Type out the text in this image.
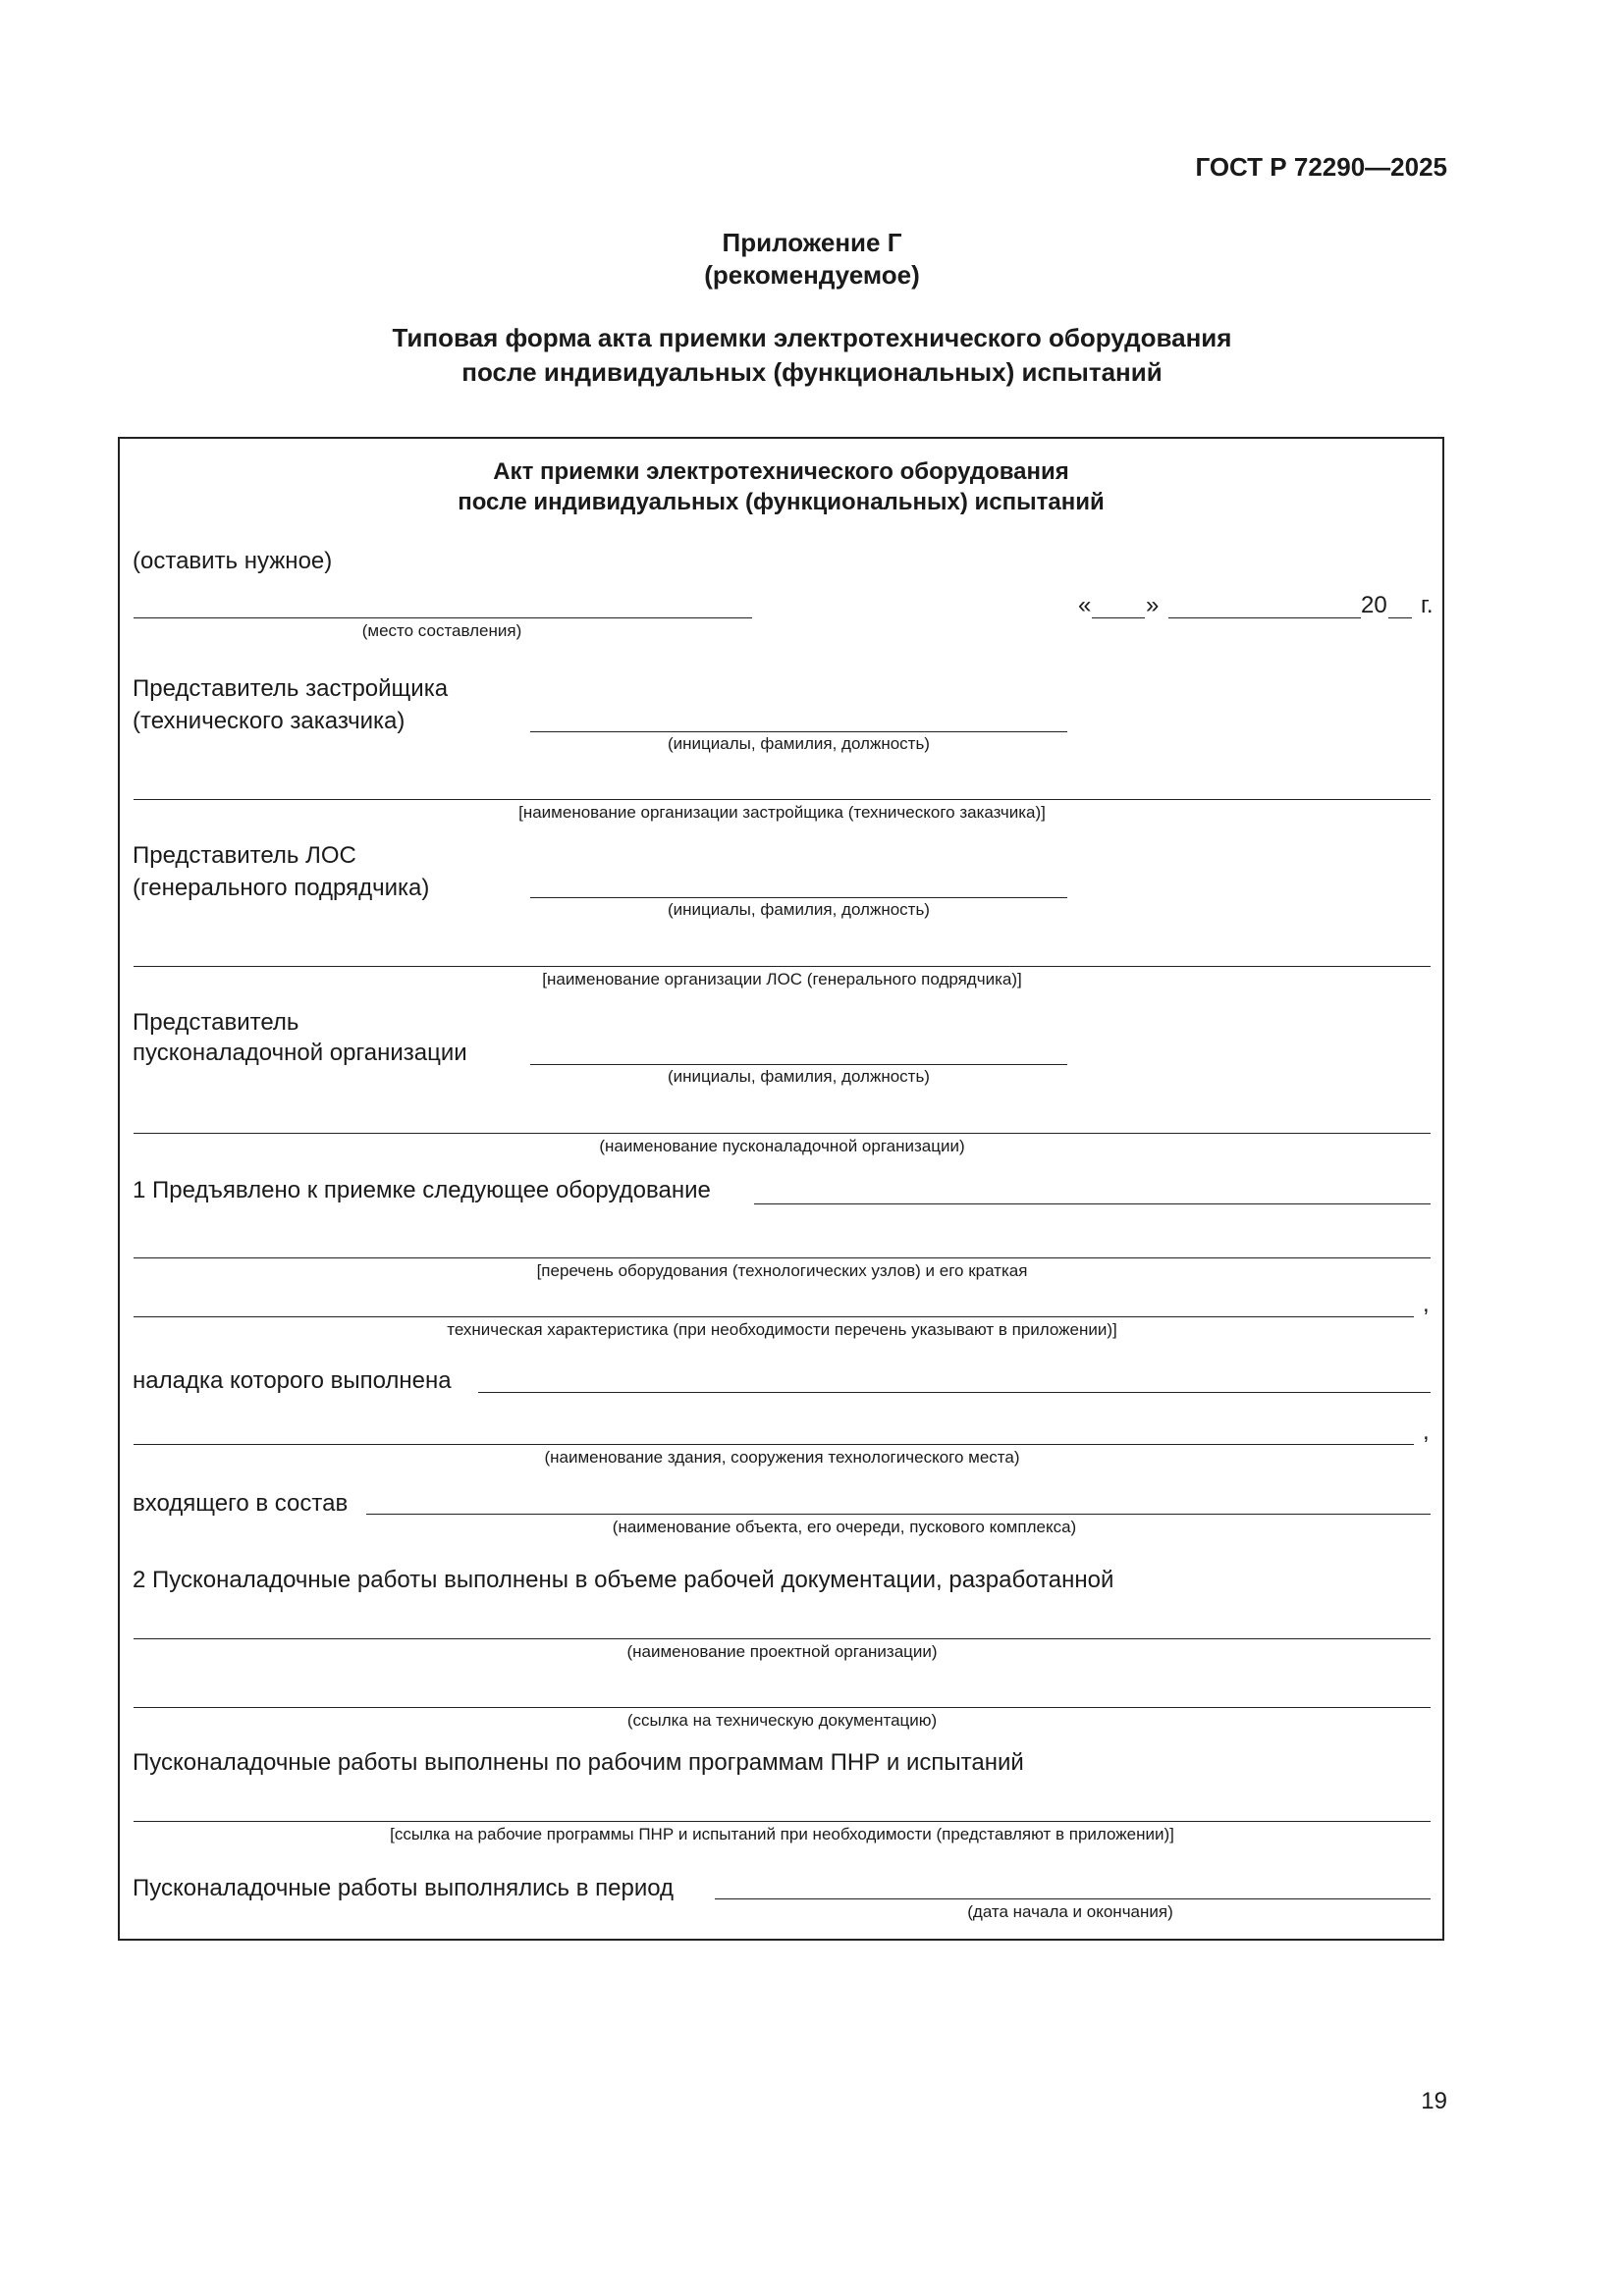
ГОСТ Р 72290—2025
Приложение Г
(рекомендуемое)
Типовая форма акта приемки электротехнического оборудования
после индивидуальных (функциональных) испытаний
Акт приемки электротехнического оборудования
после индивидуальных (функциональных) испытаний
(оставить нужное)
(место составления)
« »	20 г.
Представитель застройщика
(технического заказчика)
(инициалы, фамилия, должность)
[наименование организации застройщика (технического заказчика)]
Представитель ЛОС
(генерального подрядчика)
(инициалы, фамилия, должность)
[наименование организации ЛОС (генерального подрядчика)]
Представитель
пусконаладочной организации
(инициалы, фамилия, должность)
(наименование пусконаладочной организации)
1 Предъявлено к приемке следующее оборудование
[перечень оборудования (технологических узлов) и его краткая
,
техническая характеристика (при необходимости перечень указывают в приложении)]
наладка которого выполнена
,
(наименование здания, сооружения технологического места)
входящего в состав
(наименование объекта, его очереди, пускового комплекса)
2 Пусконаладочные работы выполнены в объеме рабочей документации, разработанной
(наименование проектной организации)
(ссылка на техническую документацию)
Пусконаладочные работы выполнены по рабочим программам ПНР и испытаний
[ссылка на рабочие программы ПНР и испытаний при необходимости (представляют в приложении)]
Пусконаладочные работы выполнялись в период
(дата начала и окончания)
19
